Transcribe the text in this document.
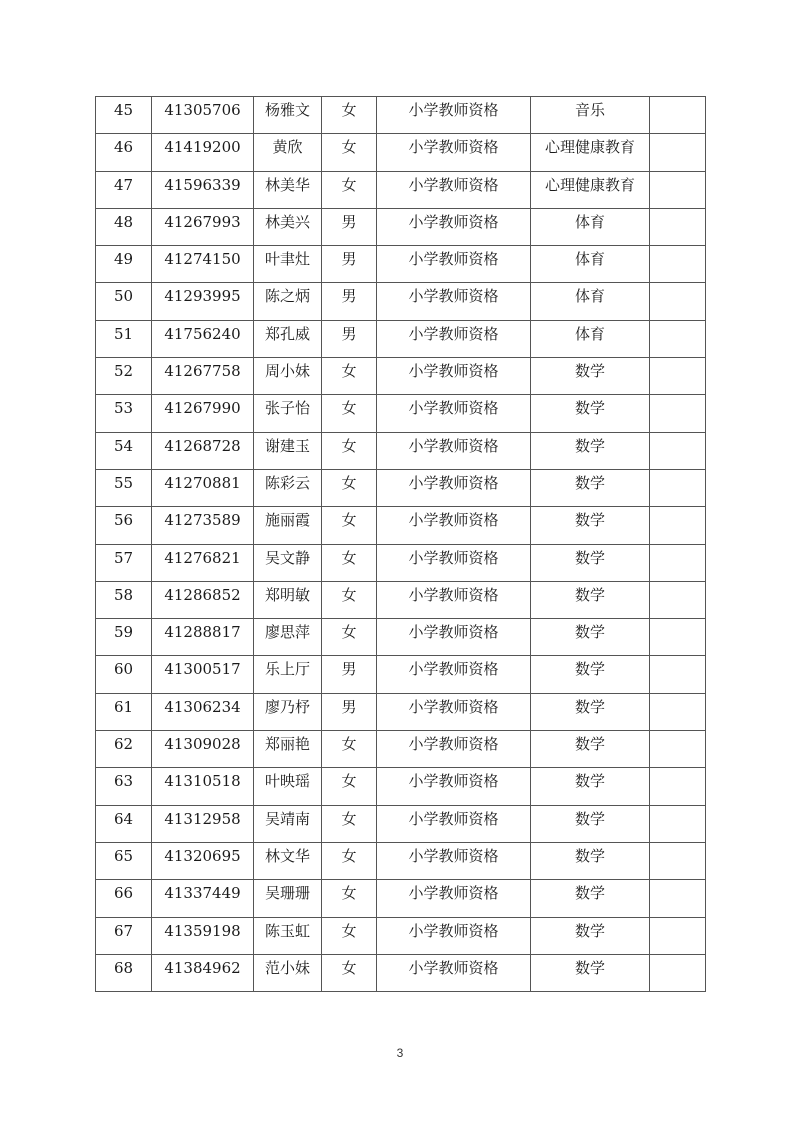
45	41305706	杨雅文	女	小学教师资格	音乐	

46	41419200	黄欣	女	小学教师资格	心理健康教育	

47	41596339	林美华	女	小学教师资格	心理健康教育	

48	41267993	林美兴	男	小学教师资格	体育	

49	41274150	叶聿灶	男	小学教师资格	体育	

50	41293995	陈之炳	男	小学教师资格	体育	

51	41756240	郑孔威	男	小学教师资格	体育	

52	41267758	周小妹	女	小学教师资格	数学	

53	41267990	张子怡	女	小学教师资格	数学	

54	41268728	谢建玉	女	小学教师资格	数学	

55	41270881	陈彩云	女	小学教师资格	数学	

56	41273589	施丽霞	女	小学教师资格	数学	

57	41276821	吴文静	女	小学教师资格	数学	

58	41286852	郑明敏	女	小学教师资格	数学	

59	41288817	廖思萍	女	小学教师资格	数学	

60	41300517	乐上厅	男	小学教师资格	数学	

61	41306234	廖乃杼	男	小学教师资格	数学	

62	41309028	郑丽艳	女	小学教师资格	数学	

63	41310518	叶映瑶	女	小学教师资格	数学	

64	41312958	吴靖南	女	小学教师资格	数学	

65	41320695	林文华	女	小学教师资格	数学	

66	41337449	吴珊珊	女	小学教师资格	数学	

67	41359198	陈玉虹	女	小学教师资格	数学	

68	41384962	范小妹	女	小学教师资格	数学	

3
